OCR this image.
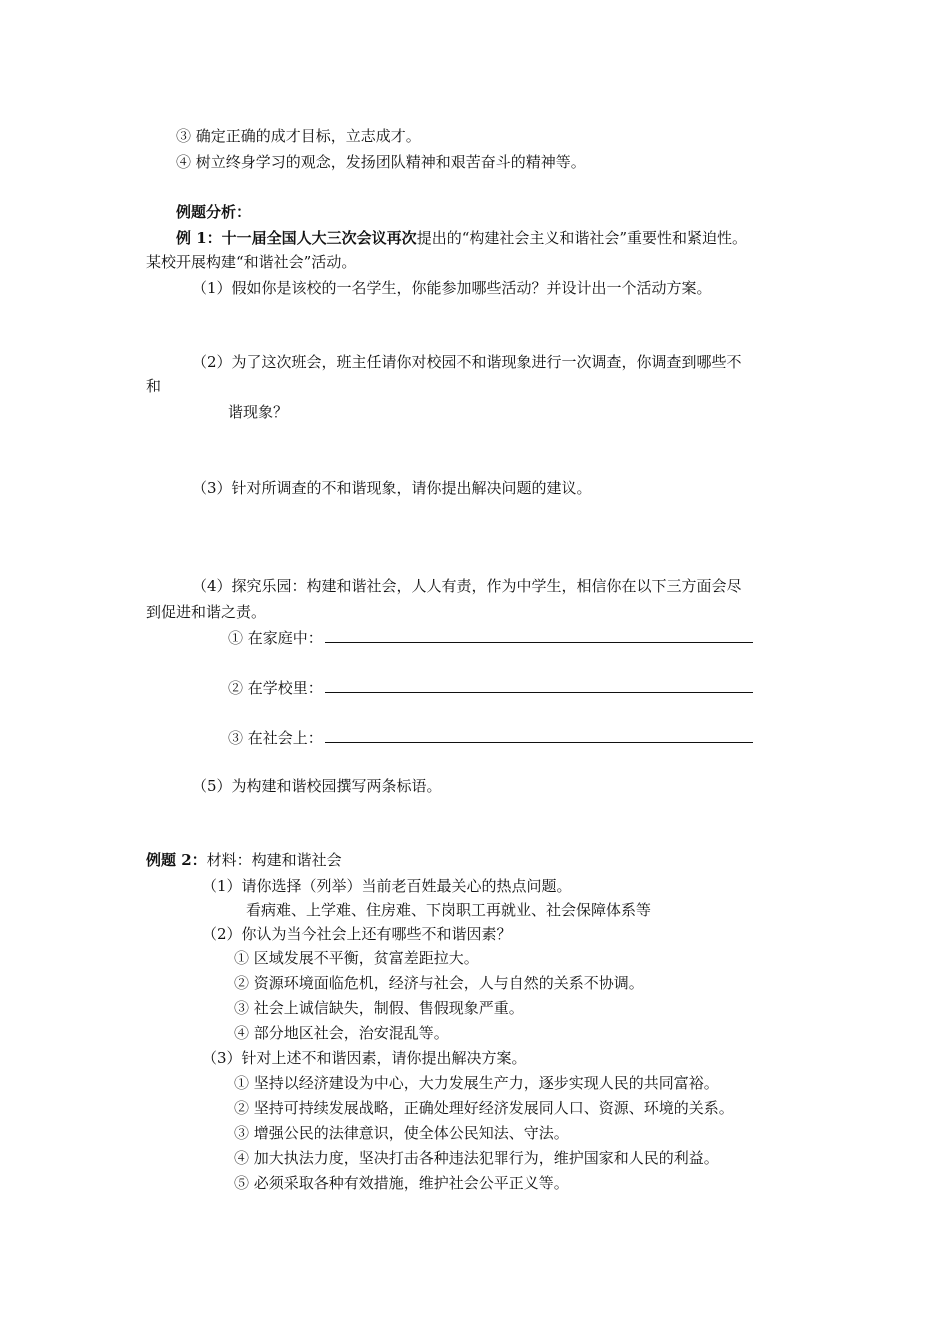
③ 确定正确的成才目标，立志成才。
④ 树立终身学习的观念，发扬团队精神和艰苦奋斗的精神等。
例题分析：
例 1：十一届全国人大三次会议再次提出的“构建社会主义和谐社会”重要性和紧迫性。
某校开展构建“和谐社会”活动。
（1）假如你是该校的一名学生，你能参加哪些活动？并设计出一个活动方案。
（2）为了这次班会，班主任请你对校园不和谐现象进行一次调查，你调查到哪些不
和
谐现象？
（3）针对所调查的不和谐现象，请你提出解决问题的建议。
（4）探究乐园：构建和谐社会，人人有责，作为中学生，相信你在以下三方面会尽
到促进和谐之责。
① 在家庭中：
② 在学校里：
③ 在社会上：
（5）为构建和谐校园撰写两条标语。
例题 2：材料：构建和谐社会
（1）请你选择（列举）当前老百姓最关心的热点问题。
看病难、上学难、住房难、下岗职工再就业、社会保障体系等
（2）你认为当今社会上还有哪些不和谐因素？
① 区域发展不平衡，贫富差距拉大。
② 资源环境面临危机，经济与社会，人与自然的关系不协调。
③ 社会上诚信缺失，制假、售假现象严重。
④ 部分地区社会，治安混乱等。
（3）针对上述不和谐因素，请你提出解决方案。
① 坚持以经济建设为中心，大力发展生产力，逐步实现人民的共同富裕。
② 坚持可持续发展战略，正确处理好经济发展同人口、资源、环境的关系。
③ 增强公民的法律意识，使全体公民知法、守法。
④ 加大执法力度，坚决打击各种违法犯罪行为，维护国家和人民的利益。
⑤ 必须采取各种有效措施，维护社会公平正义等。
